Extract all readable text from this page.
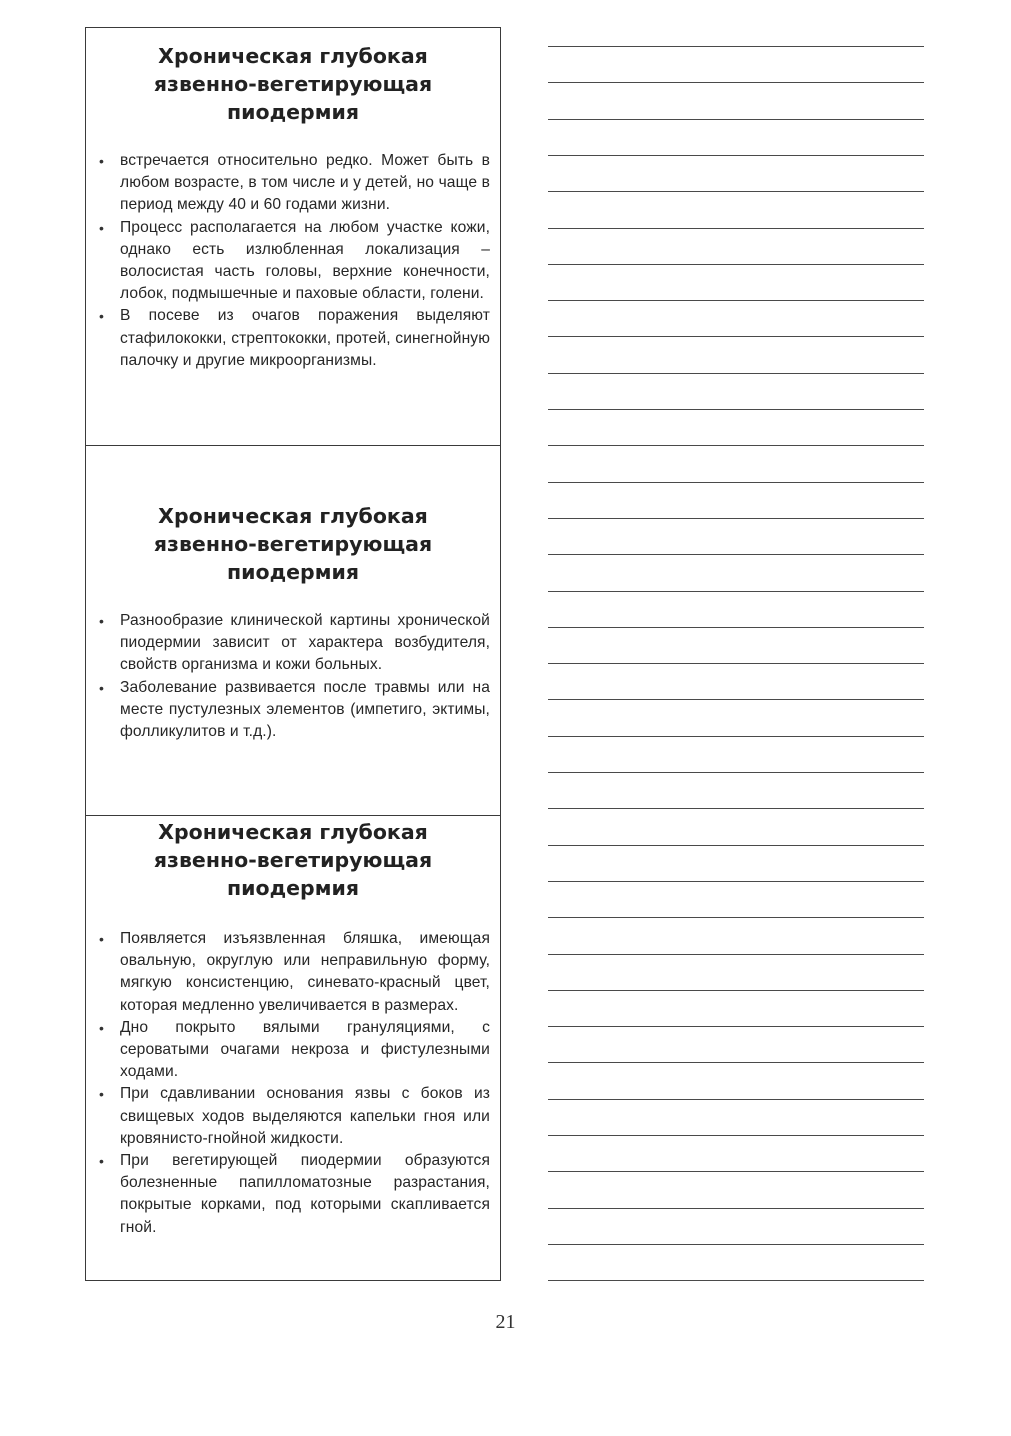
Хроническая глубокая язвенно-вегетирующая пиодермия
• встречается относительно редко. Может быть в любом возрасте, в том числе и у детей, но чаще в период между 40 и 60 годами жизни.
• Процесс располагается на любом участке кожи, однако есть излюбленная локализация – волосистая часть головы, верхние конечности, лобок, подмышечные и паховые области, голени.
• В посеве из очагов поражения выделяют стафилококки, стрептококки, протей, синегнойную палочку и другие микроорганизмы.
Хроническая глубокая язвенно-вегетирующая пиодермия
• Разнообразие клинической картины хронической пиодермии зависит от характера возбудителя, свойств организма и кожи больных.
• Заболевание развивается после травмы или на месте пустулезных элементов (импетиго, эктимы, фолликулитов и т.д.).
Хроническая глубокая язвенно-вегетирующая пиодермия
• Появляется изъязвленная бляшка, имеющая овальную, округлую или неправильную форму, мягкую консистенцию, синевато-красный цвет, которая медленно увеличивается в размерах.
• Дно покрыто вялыми грануляциями, с сероватыми очагами некроза и фистулезными ходами.
• При сдавливании основания язвы с боков из свищевых ходов выделяются капельки гноя или кровянисто-гнойной жидкости.
• При вегетирующей пиодермии образуются болезненные папилломатозные разрастания, покрытые корками, под которыми скапливается гной.
21
